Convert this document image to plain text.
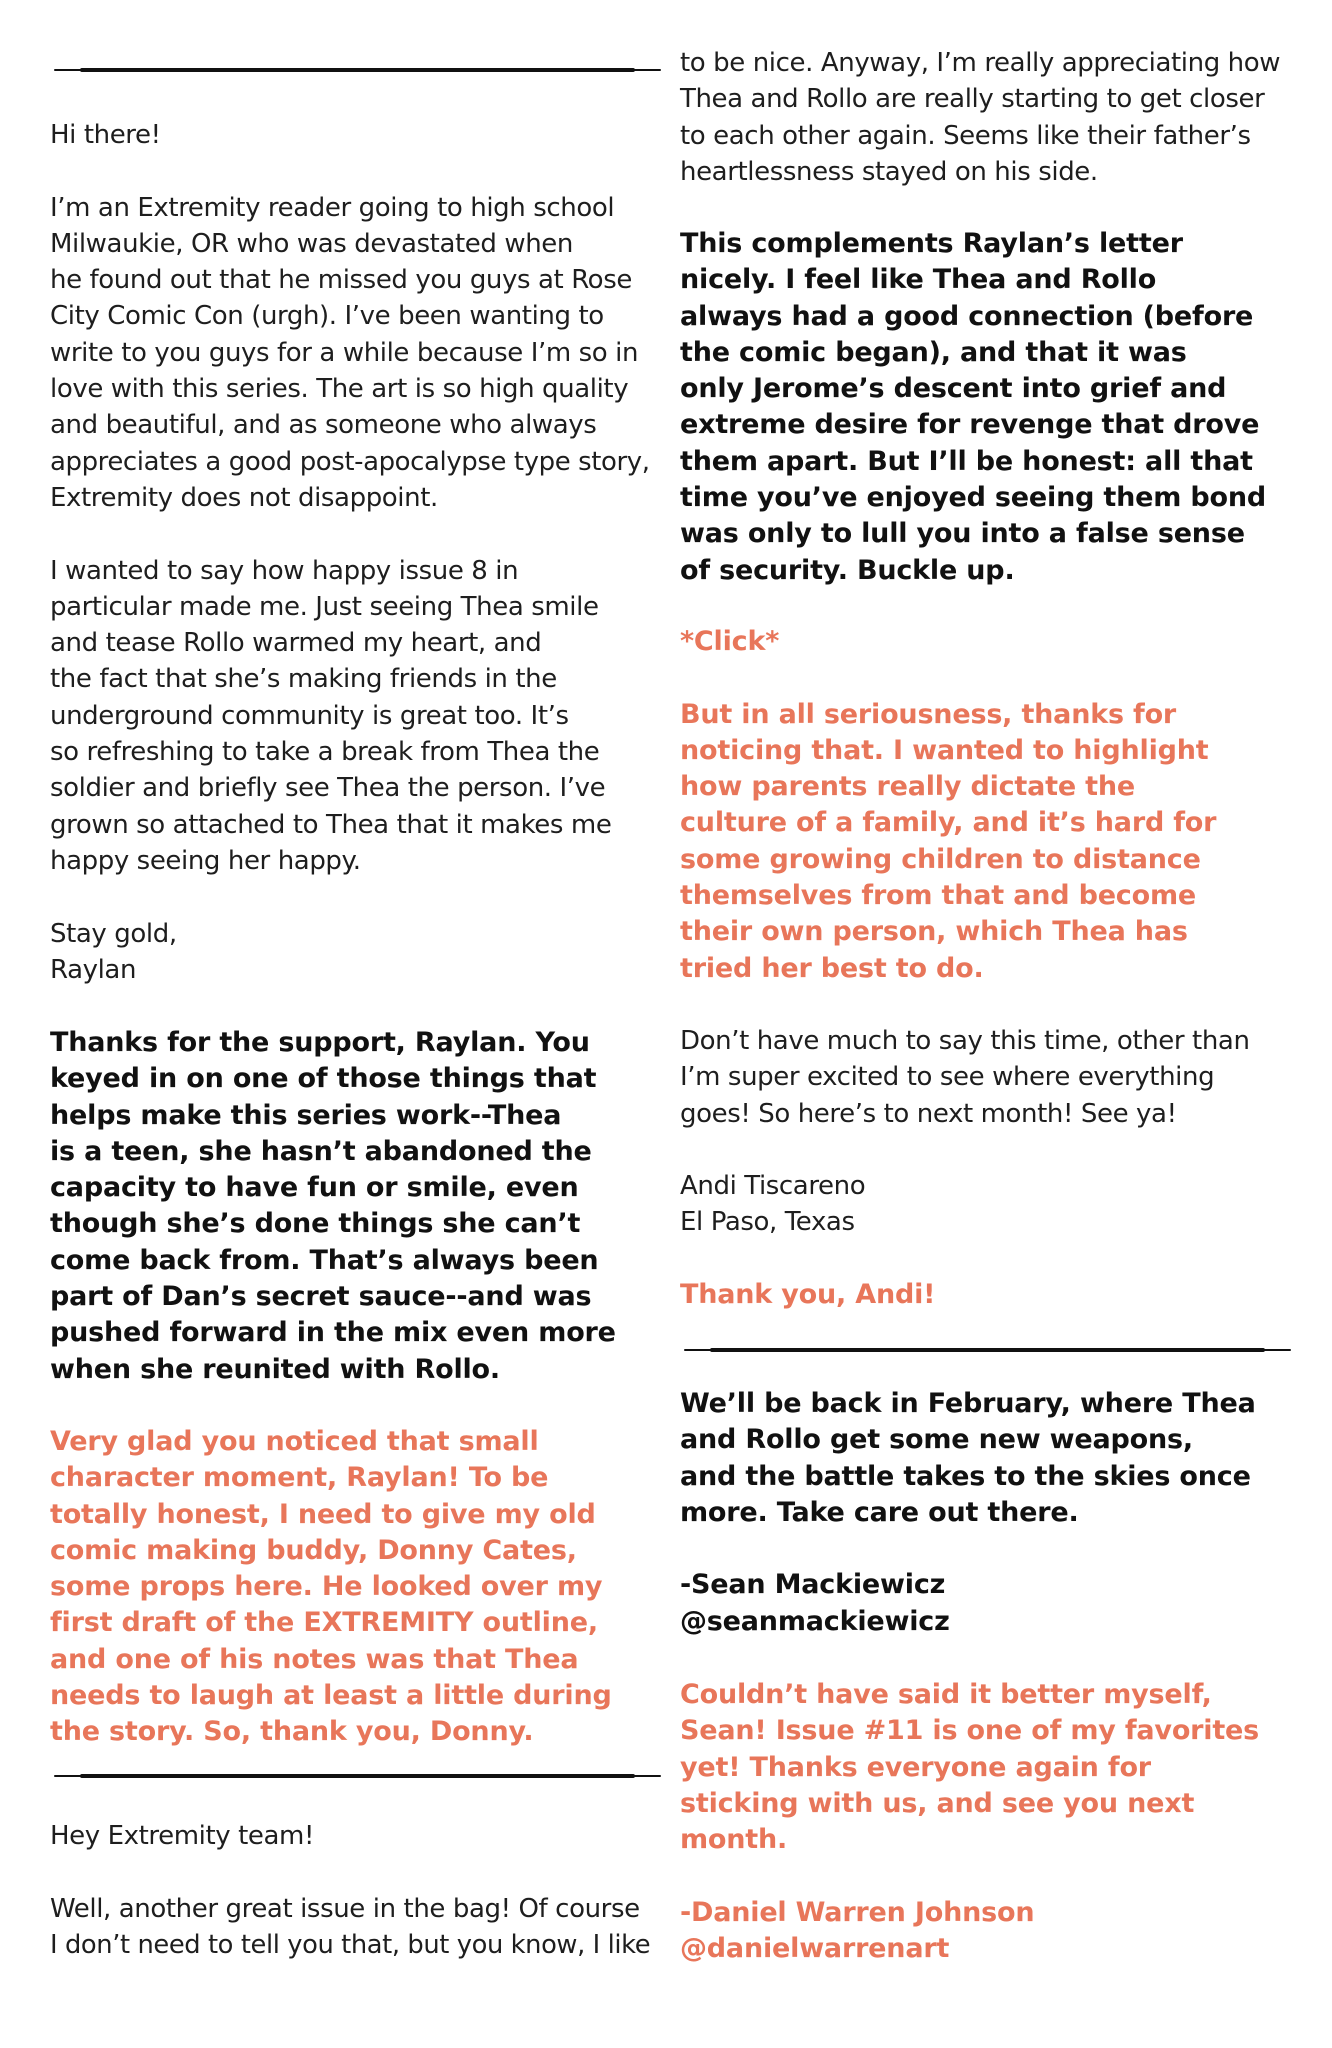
Hi there!

I’m an Extremity reader going to high school
Milwaukie, OR who was devastated when
he found out that he missed you guys at Rose
City Comic Con (urgh). I’ve been wanting to
write to you guys for a while because I’m so in
love with this series. The art is so high quality
and beautiful, and as someone who always
appreciates a good post-apocalypse type story,
Extremity does not disappoint.

I wanted to say how happy issue 8 in
particular made me. Just seeing Thea smile
and tease Rollo warmed my heart, and
the fact that she’s making friends in the
underground community is great too. It’s
so refreshing to take a break from Thea the
soldier and briefly see Thea the person. I’ve
grown so attached to Thea that it makes me
happy seeing her happy.

Stay gold,
Raylan

Thanks for the support, Raylan. You
keyed in on one of those things that
helps make this series work--Thea
is a teen, she hasn’t abandoned the
capacity to have fun or smile, even
though she’s done things she can’t
come back from. That’s always been
part of Dan’s secret sauce--and was
pushed forward in the mix even more
when she reunited with Rollo.

Very glad you noticed that small
character moment, Raylan! To be
totally honest, I need to give my old
comic making buddy, Donny Cates,
some props here. He looked over my
first draft of the EXTREMITY outline,
and one of his notes was that Thea
needs to laugh at least a little during
the story. So, thank you, Donny.

Hey Extremity team!

Well, another great issue in the bag! Of course
I don’t need to tell you that, but you know, I like

to be nice. Anyway, I’m really appreciating how
Thea and Rollo are really starting to get closer
to each other again. Seems like their father’s
heartlessness stayed on his side.

This complements Raylan’s letter
nicely. I feel like Thea and Rollo
always had a good connection (before
the comic began), and that it was
only Jerome’s descent into grief and
extreme desire for revenge that drove
them apart. But I’ll be honest: all that
time you’ve enjoyed seeing them bond
was only to lull you into a false sense
of security. Buckle up.

*Click*

But in all seriousness, thanks for
noticing that. I wanted to highlight
how parents really dictate the
culture of a family, and it’s hard for
some growing children to distance
themselves from that and become
their own person, which Thea has
tried her best to do.

Don’t have much to say this time, other than
I’m super excited to see where everything
goes! So here’s to next month! See ya!

Andi Tiscareno
El Paso, Texas

Thank you, Andi!

We’ll be back in February, where Thea
and Rollo get some new weapons,
and the battle takes to the skies once
more. Take care out there.

-Sean Mackiewicz
@seanmackiewicz

Couldn’t have said it better myself,
Sean! Issue #11 is one of my favorites
yet! Thanks everyone again for
sticking with us, and see you next
month.

-Daniel Warren Johnson
@danielwarrenart
